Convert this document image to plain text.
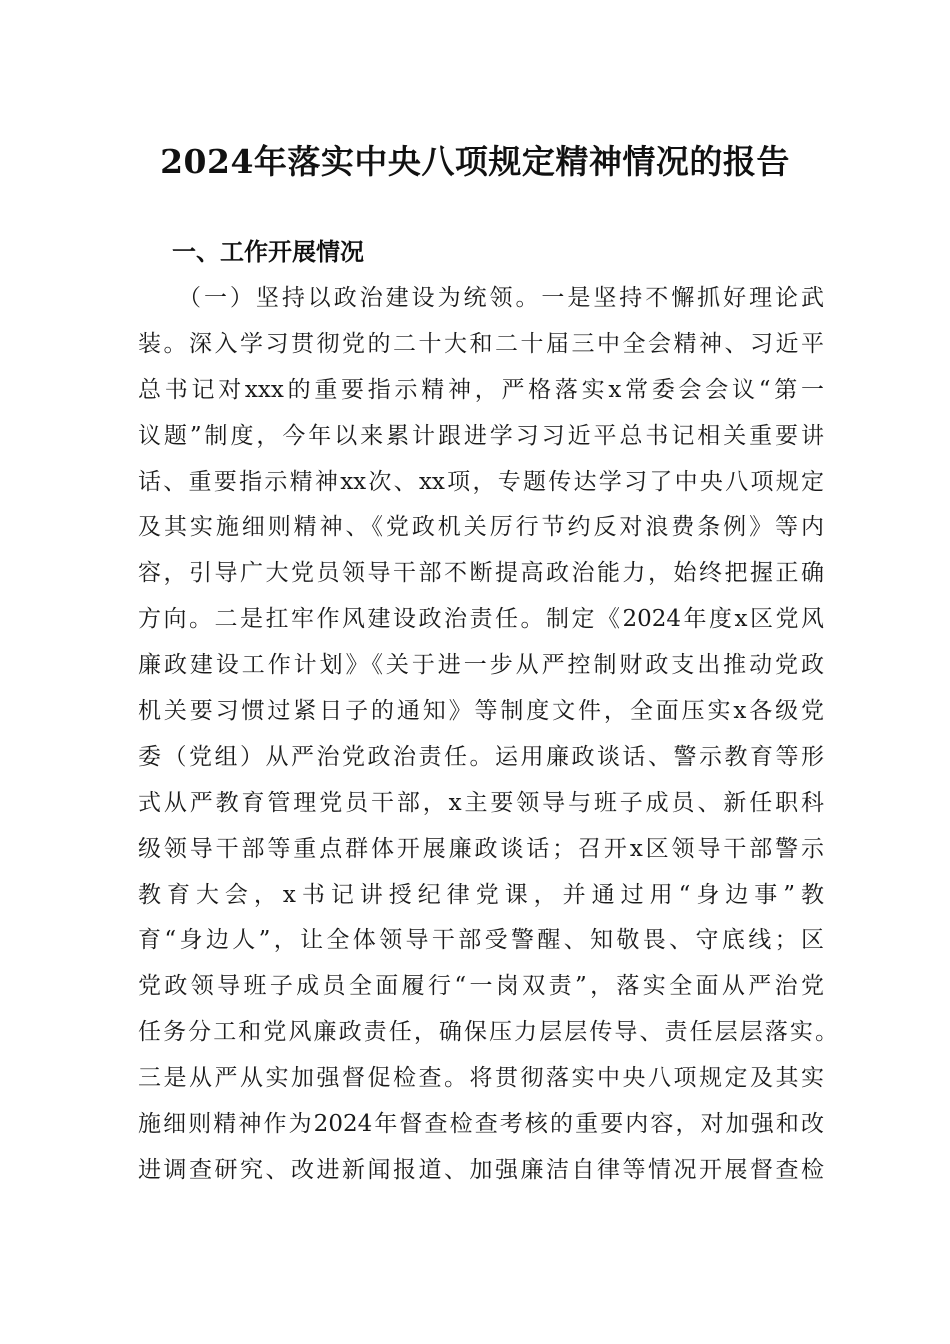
2024年落实中央八项规定精神情况的报告
一、工作开展情况
（一）坚持以政治建设为统领。一是坚持不懈抓好理论武
装。深入学习贯彻党的二十大和二十届三中全会精神、习近平
总书记对xxx的重要指示精神，严格落实x常委会会议“第一
议题”制度，今年以来累计跟进学习习近平总书记相关重要讲
话、重要指示精神xx次、xx项，专题传达学习了中央八项规定
及其实施细则精神、《党政机关厉行节约反对浪费条例》等内
容，引导广大党员领导干部不断提高政治能力，始终把握正确
方向。二是扛牢作风建设政治责任。制定《2024年度x区党风
廉政建设工作计划》《关于进一步从严控制财政支出推动党政
机关要习惯过紧日子的通知》等制度文件，全面压实x各级党
委（党组）从严治党政治责任。运用廉政谈话、警示教育等形
式从严教育管理党员干部，x主要领导与班子成员、新任职科
级领导干部等重点群体开展廉政谈话；召开x区领导干部警示
教育大会，x书记讲授纪律党课，并通过用“身边事”教
育“身边人”，让全体领导干部受警醒、知敬畏、守底线；区
党政领导班子成员全面履行“一岗双责”，落实全面从严治党
任务分工和党风廉政责任，确保压力层层传导、责任层层落实。
三是从严从实加强督促检查。将贯彻落实中央八项规定及其实
施细则精神作为2024年督查检查考核的重要内容，对加强和改
进调查研究、改进新闻报道、加强廉洁自律等情况开展督查检
